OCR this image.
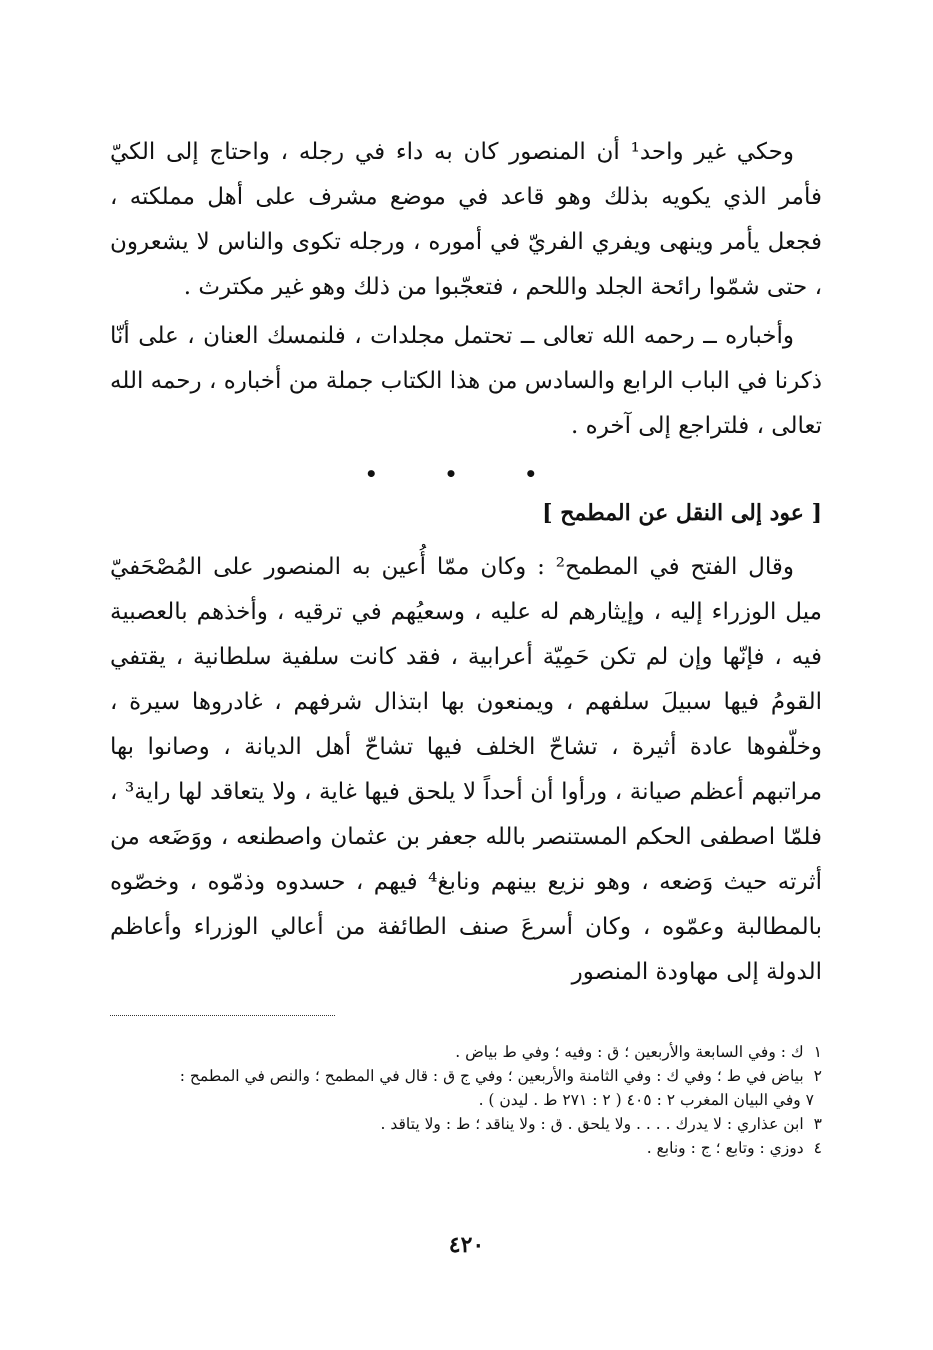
وحكي غير واحد¹ أن المنصور كان به داء في رجله ، واحتاج إلى الكيّ فأمر الذي يكويه بذلك وهو قاعد في موضع مشرف على أهل مملكته ، فجعل يأمر وينهى ويفري الفريّ في أموره ، ورجله تكوى والناس لا يشعرون ، حتى شمّوا رائحة الجلد واللحم ، فتعجّبوا من ذلك وهو غير مكترث .

وأخباره ــ رحمه الله تعالى ــ تحتمل مجلدات ، فلنمسك العنان ، على أنّا ذكرنا في الباب الرابع والسادس من هذا الكتاب جملة من أخباره ، رحمه الله تعالى ، فلتراجع إلى آخره .

• • •
[ عود إلى النقل عن المطمح ]

وقال الفتح في المطمح² : وكان ممّا أُعين به المنصور على المُصْحَفيّ ميل الوزراء إليه ، وإيثارهم له عليه ، وسعيُهم في ترقيه ، وأخذهم بالعصبية فيه ، فإنّها وإن لم تكن حَمِيّة أعرابية ، فقد كانت سلفية سلطانية ، يقتفي القومُ فيها سبيلَ سلفهم ، ويمنعون بها ابتذال شرفهم ، غادروها سيرة ، وخلّفوها عادة أثيرة ، تشاحّ الخلف فيها تشاحّ أهل الديانة ، وصانوا بها مراتبهم أعظم صيانة ، ورأوا أن أحداً لا يلحق فيها غاية ، ولا يتعاقد لها راية³ ، فلمّا اصطفى الحكم المستنصر بالله جعفر بن عثمان واصطنعه ، ووَضَعه من أثرته حيث وَضعه ، وهو نزيع بينهم ونابغ⁴ فيهم ، حسدوه وذمّوه ، وخصّوه بالمطالبة وعمّوه ، وكان أسرعَ صنف الطائفة من أعالي الوزراء وأعاظم الدولة إلى مهاودة المنصور

١ك : وفي السابعة والأربعين ؛ ق : وفيه ؛ وفي ط بياض .

٢بياض في ط ؛ وفي ك : وفي الثامنة والأربعين ؛ وفي ج ق : قال في المطمح ؛ والنص في المطمح :

٧ وفي البيان المغرب ٢ : ٤٠٥ ( ٢ : ٢٧١ ط . ليدن ) .

٣ابن عذاري : لا يدرك . . . . ولا يلحق . ق : ولا يناقد ؛ ط : ولا يتاقد .

٤دوزي : وتابع ؛ ج : ونابع .

٤٢٠
